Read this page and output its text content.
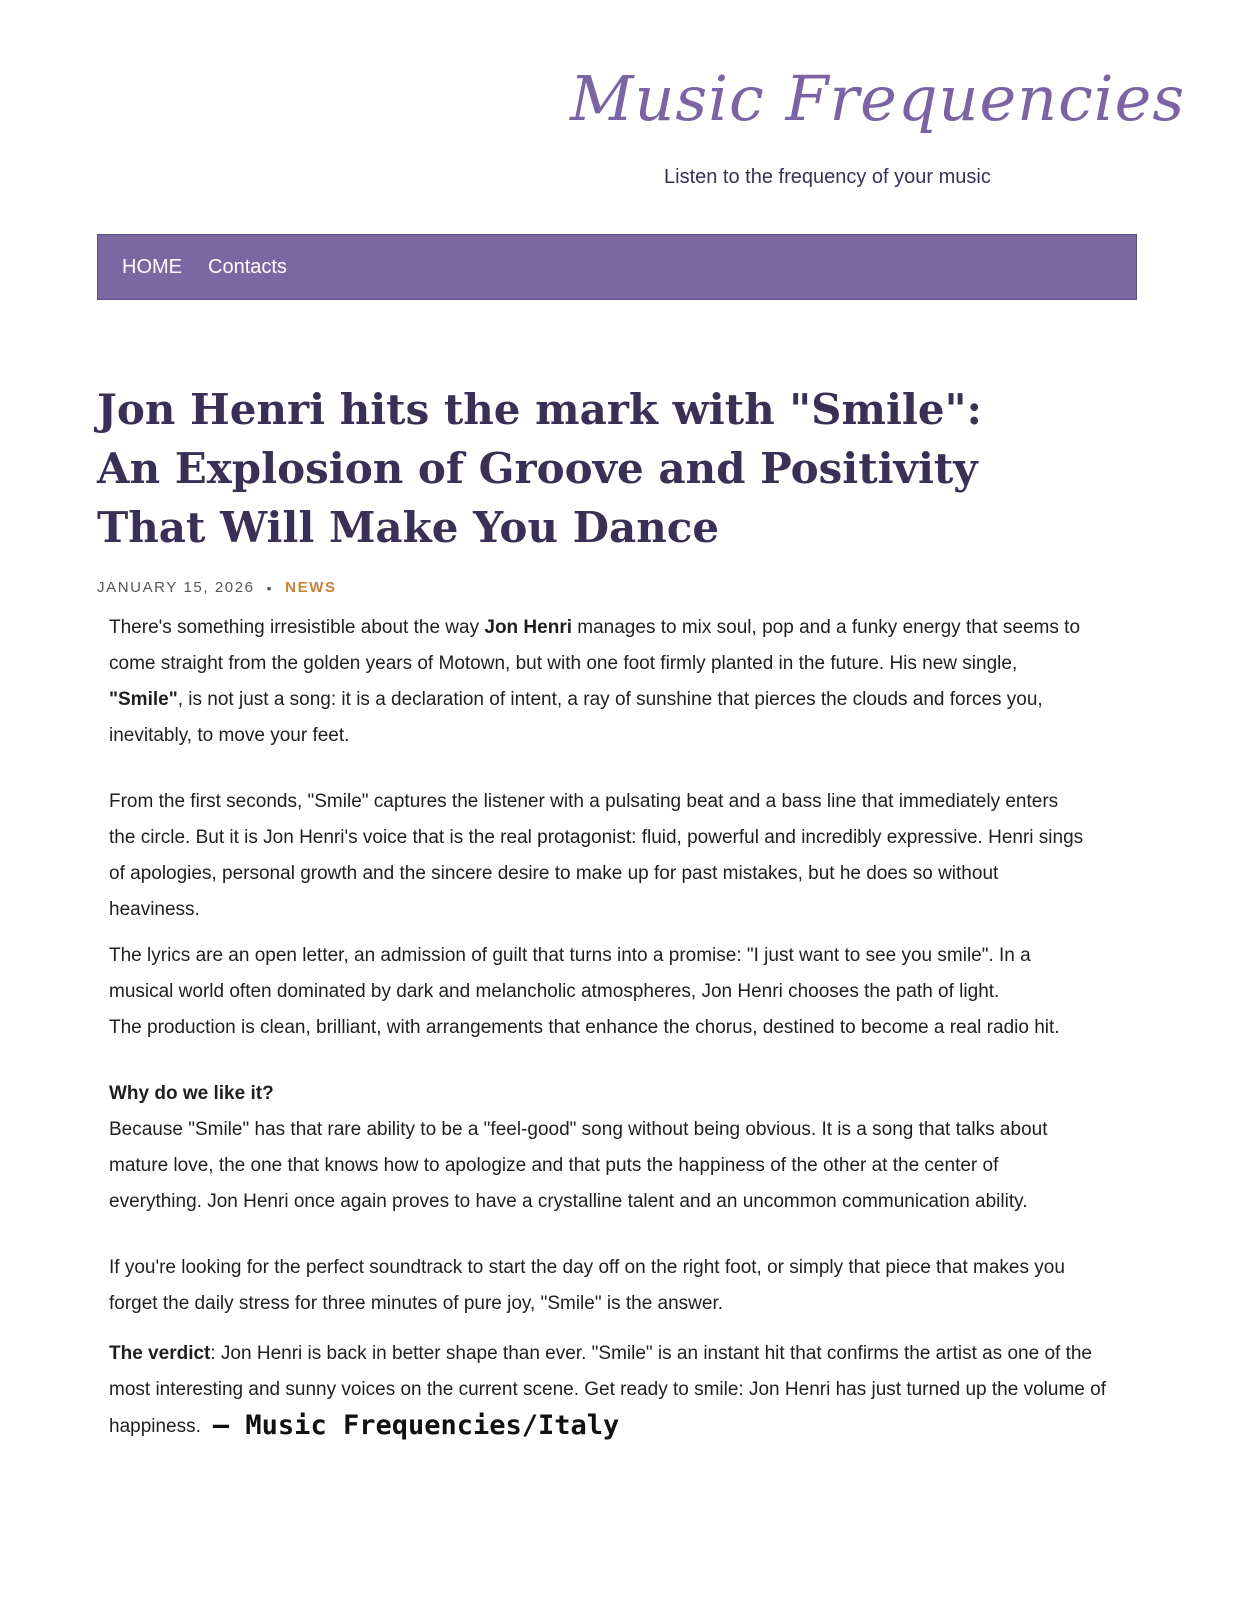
Music Frequencies

Listen to the frequency of your music

HOME Contacts
Jon Henri hits the mark with "Smile": An Explosion of Groove and Positivity That Will Make You Dance
JANUARY 15, 2026 • NEWS

There's something irresistible about the way Jon Henri manages to mix soul, pop and a funky energy that seems to come straight from the golden years of Motown, but with one foot firmly planted in the future. His new single, "Smile", is not just a song: it is a declaration of intent, a ray of sunshine that pierces the clouds and forces you, inevitably, to move your feet.

From the first seconds, "Smile" captures the listener with a pulsating beat and a bass line that immediately enters the circle. But it is Jon Henri's voice that is the real protagonist: fluid, powerful and incredibly expressive. Henri sings of apologies, personal growth and the sincere desire to make up for past mistakes, but he does so without heaviness.

The lyrics are an open letter, an admission of guilt that turns into a promise: "I just want to see you smile". In a musical world often dominated by dark and melancholic atmospheres, Jon Henri chooses the path of light.
The production is clean, brilliant, with arrangements that enhance the chorus, destined to become a real radio hit.

Why do we like it?

Because "Smile" has that rare ability to be a "feel-good" song without being obvious. It is a song that talks about mature love, the one that knows how to apologize and that puts the happiness of the other at the center of everything. Jon Henri once again proves to have a crystalline talent and an uncommon communication ability.

If you're looking for the perfect soundtrack to start the day off on the right foot, or simply that piece that makes you forget the daily stress for three minutes of pure joy, "Smile" is the answer.

The verdict: Jon Henri is back in better shape than ever. "Smile" is an instant hit that confirms the artist as one of the most interesting and sunny voices on the current scene. Get ready to smile: Jon Henri has just turned up the volume of happiness. – Music Frequencies/Italy
